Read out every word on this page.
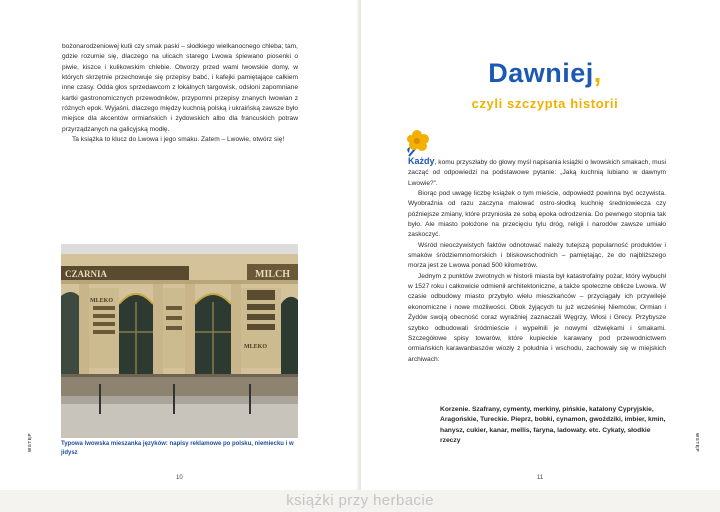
bożonarodzeniowej kutii czy smak paski – słodkiego wielkanocnego chleba; tam, gdzie rozumie się, dlaczego na ulicach starego Lwowa śpiewano piosenki o piwie, kiszce i kulikowskim chlebie. Otworzy przed wami lwowskie domy, w których skrzętnie przechowuje się przepisy babć, i kafejki pamiętające całkiem inne czasy. Odda głos sprzedawcom z lokalnych targowisk, odsłoni zapomniane kartki gastronomicznych przewodników, przypomni przepisy znanych lwowian z różnych epok. Wyjaśni, dlaczego między kuchnią polską i ukraińską zawsze było miejsce dla akcentów ormiańskich i żydowskich albo dla francuskich potraw przyrządzanych na galicyjską modłę.

Ta książka to klucz do Lwowa i jego smaku. Zatem – Lwowie, otwórz się!

CZARNIA	MILCH
MLEKO
MLEKO
Typowa lwowska mieszanka języków: napisy reklamowe po polsku, niemiecku i w jidysz
WSTĘP
10
Dawniej,
czyli szczypta historii

Każdy, komu przyszłaby do głowy myśl napisania książki o lwowskich smakach, musi zacząć od odpowiedzi na podstawowe pytanie: „Jaką kuchnią lubiano w dawnym Lwowie?”.

Biorąc pod uwagę liczbę książek o tym mieście, odpowiedź powinna być oczywista. Wyobraźnia od razu zaczyna malować ostro-słodką kuchnię średniowiecza czy późniejsze zmiany, które przyniosła ze sobą epoka odrodzenia. Do pewnego stopnia tak było. Ale miasto położone na przecięciu tylu dróg, religii i narodów zawsze umiało zaskoczyć.

Wśród nieoczywistych faktów odnotować należy tutejszą popularność produktów i smaków śródziemnomorskich i bliskowschodnich – pamiętając, że do najbliższego morza jest ze Lwowa ponad 500 kilometrów.

Jednym z punktów zwrotnych w historii miasta był katastrofalny pożar, który wybuchł w 1527 roku i całkowicie odmienił architektoniczne, a także społeczne oblicze Lwowa. W czasie odbudowy miasto przybyło wielu mieszkańców – przyciągały ich przywileje ekonomiczne i nowe możliwości. Obok żyjących tu już wcześniej Niemców, Ormian i Żydów swoją obecność coraz wyraźniej zaznaczali Węgrzy, Włosi i Grecy. Przybysze szybko odbudowali śródmieście i wypełnili je nowymi dźwiękami i smakami. Szczegółowe spisy towarów, które kupieckie karawany pod przewodnictwem ormiańskich karawanbaszów wiozły z południa i wschodu, zachowały się w miejskich archiwach:

Korzenie. Szafrany, cymenty, merkiny, pińskie, katalony Cypryjskie, Aragońskie, Tureckie. Pieprz, bobki, cynamon, gwoździki, imbier, kmin, hanysz, cukier, kanar, mellis, faryna, ladowaty. etc. Cykaty, słodkie rzeczy	WSTĘP
11
książki przy herbacie
